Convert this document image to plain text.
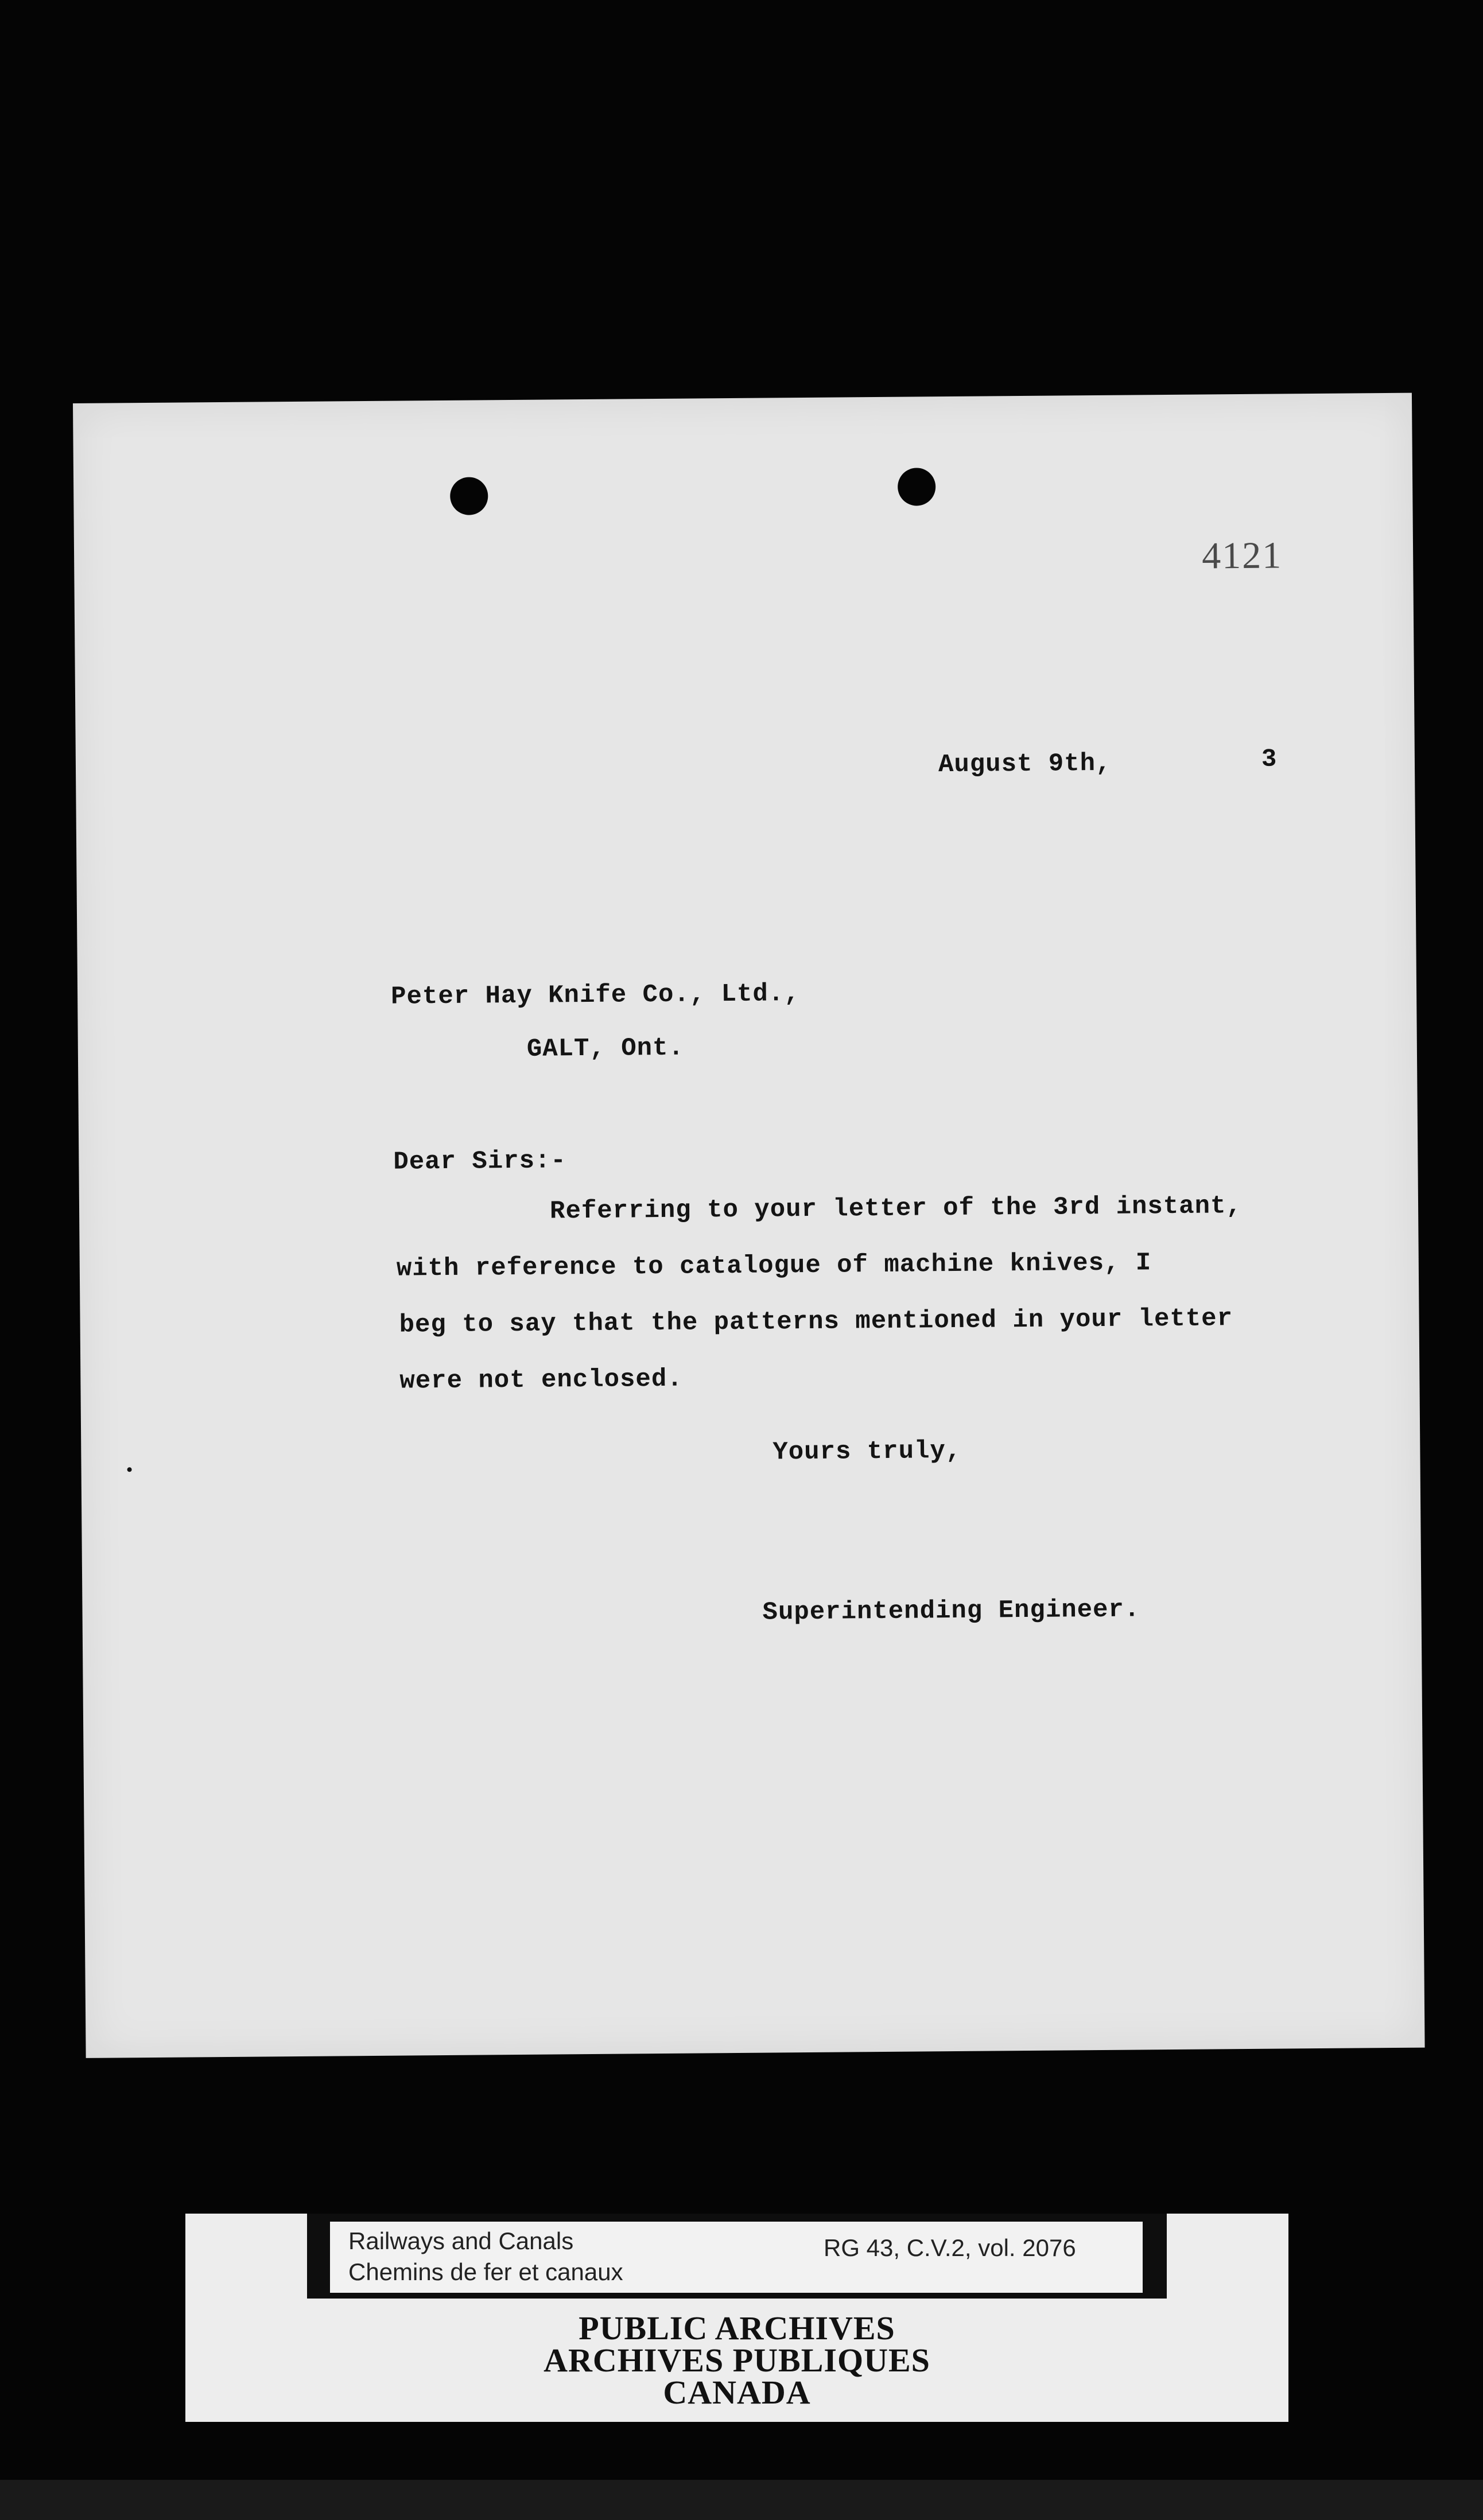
4121
August 9th,	3
Peter Hay Knife Co., Ltd.,
GALT, Ont.
Dear Sirs:-
Referring to your letter of the 3rd instant,
with reference to catalogue of machine knives, I
beg to say that the patterns mentioned in your letter
were not enclosed.
Yours truly,
Superintending Engineer.
Railways and Canals
Chemins de fer et canaux
RG 43, C.V.2, vol. 2076
PUBLIC ARCHIVES
ARCHIVES PUBLIQUES
CANADA
